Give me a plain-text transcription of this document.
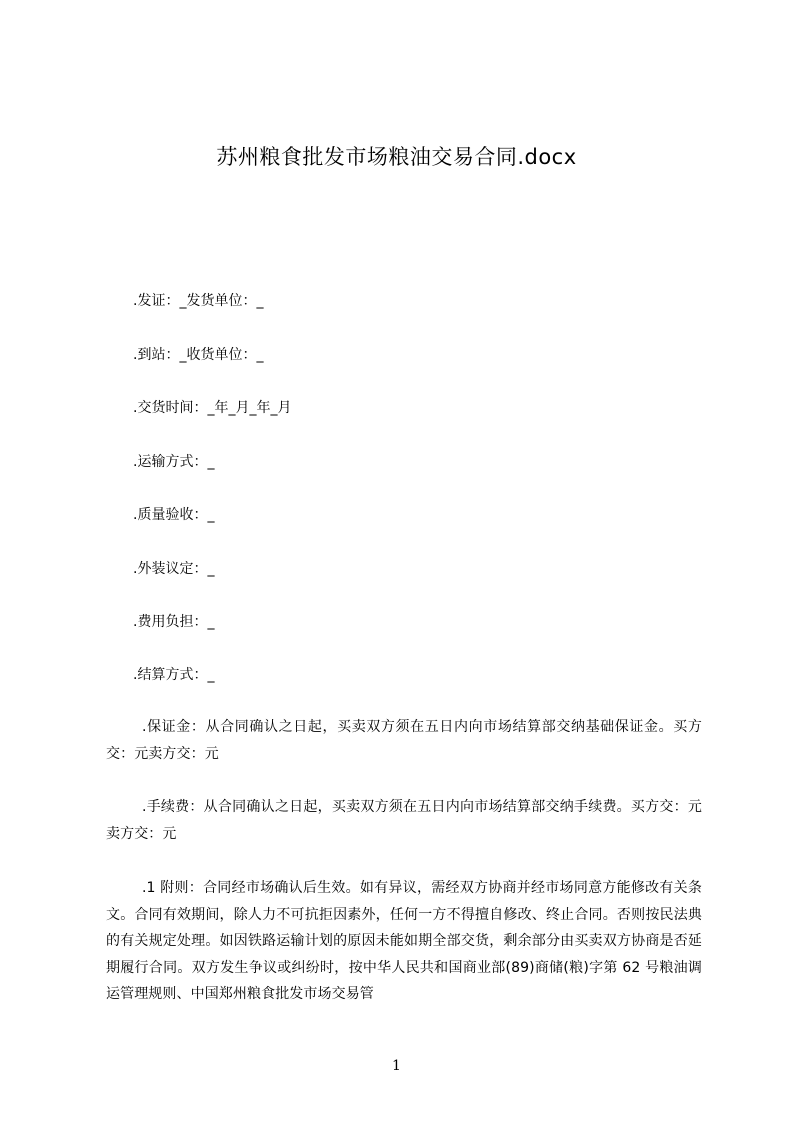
苏州粮食批发市场粮油交易合同.docx
.发证：_发货单位：_
.到站：_收货单位：_
.交货时间：_年_月_年_月
.运输方式：_
.质量验收：_
.外装议定：_
.费用负担：_
.结算方式：_
.保证金：从合同确认之日起，买卖双方须在五日内向市场结算部交纳基础保证金。买方交：元卖方交：元
.手续费：从合同确认之日起，买卖双方须在五日内向市场结算部交纳手续费。买方交：元卖方交：元
.1 附则：合同经市场确认后生效。如有异议，需经双方协商并经市场同意方能修改有关条文。合同有效期间，除人力不可抗拒因素外，任何一方不得擅自修改、终止合同。否则按民法典的有关规定处理。如因铁路运输计划的原因未能如期全部交货，剩余部分由买卖双方协商是否延期履行合同。双方发生争议或纠纷时，按中华人民共和国商业部(89)商储(粮)字第 62 号粮油调运管理规则、中国郑州粮食批发市场交易管
1
